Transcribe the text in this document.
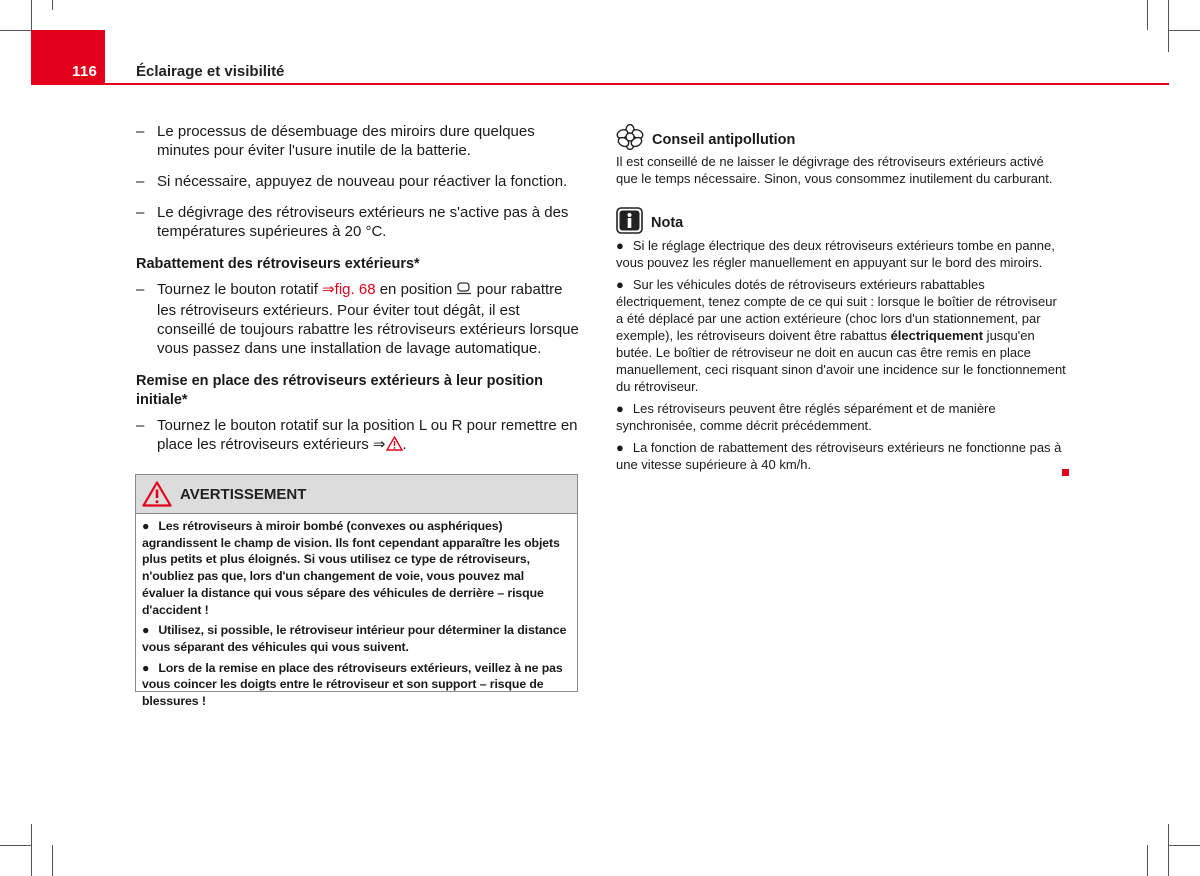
116	Éclairage et visibilité
– Le processus de désembuage des miroirs dure quelques minutes pour éviter l'usure inutile de la batterie.
– Si nécessaire, appuyez de nouveau pour réactiver la fonction.
– Le dégivrage des rétroviseurs extérieurs ne s'active pas à des températures supérieures à 20 °C.
Rabattement des rétroviseurs extérieurs*
– Tournez le bouton rotatif ⇒fig. 68 en position  pour rabattre les rétroviseurs extérieurs. Pour éviter tout dégât, il est conseillé de toujours rabattre les rétroviseurs extérieurs lorsque vous passez dans une installation de lavage automatique.
Remise en place des rétroviseurs extérieurs à leur position initiale*
– Tournez le bouton rotatif sur la position L ou R pour remettre en place les rétroviseurs extérieurs ⇒ .
AVERTISSEMENT
● Les rétroviseurs à miroir bombé (convexes ou asphériques) agrandissent le champ de vision. Ils font cependant apparaître les objets plus petits et plus éloignés. Si vous utilisez ce type de rétroviseurs, n'oubliez pas que, lors d'un changement de voie, vous pouvez mal évaluer la distance qui vous sépare des véhicules de derrière – risque d'accident !
● Utilisez, si possible, le rétroviseur intérieur pour déterminer la distance vous séparant des véhicules qui vous suivent.
● Lors de la remise en place des rétroviseurs extérieurs, veillez à ne pas vous coincer les doigts entre le rétroviseur et son support – risque de blessures !
Conseil antipollution
Il est conseillé de ne laisser le dégivrage des rétroviseurs extérieurs activé que le temps nécessaire. Sinon, vous consommez inutilement du carburant.
Nota
● Si le réglage électrique des deux rétroviseurs extérieurs tombe en panne, vous pouvez les régler manuellement en appuyant sur le bord des miroirs.
● Sur les véhicules dotés de rétroviseurs extérieurs rabattables électriquement, tenez compte de ce qui suit : lorsque le boîtier de rétroviseur a été déplacé par une action extérieure (choc lors d'un stationnement, par exemple), les rétroviseurs doivent être rabattus électriquement jusqu'en butée. Le boîtier de rétroviseur ne doit en aucun cas être remis en place manuellement, ceci risquant sinon d'avoir une incidence sur le fonctionnement du rétroviseur.
● Les rétroviseurs peuvent être réglés séparément et de manière synchronisée, comme décrit précédemment.
● La fonction de rabattement des rétroviseurs extérieurs ne fonctionne pas à une vitesse supérieure à 40 km/h.
